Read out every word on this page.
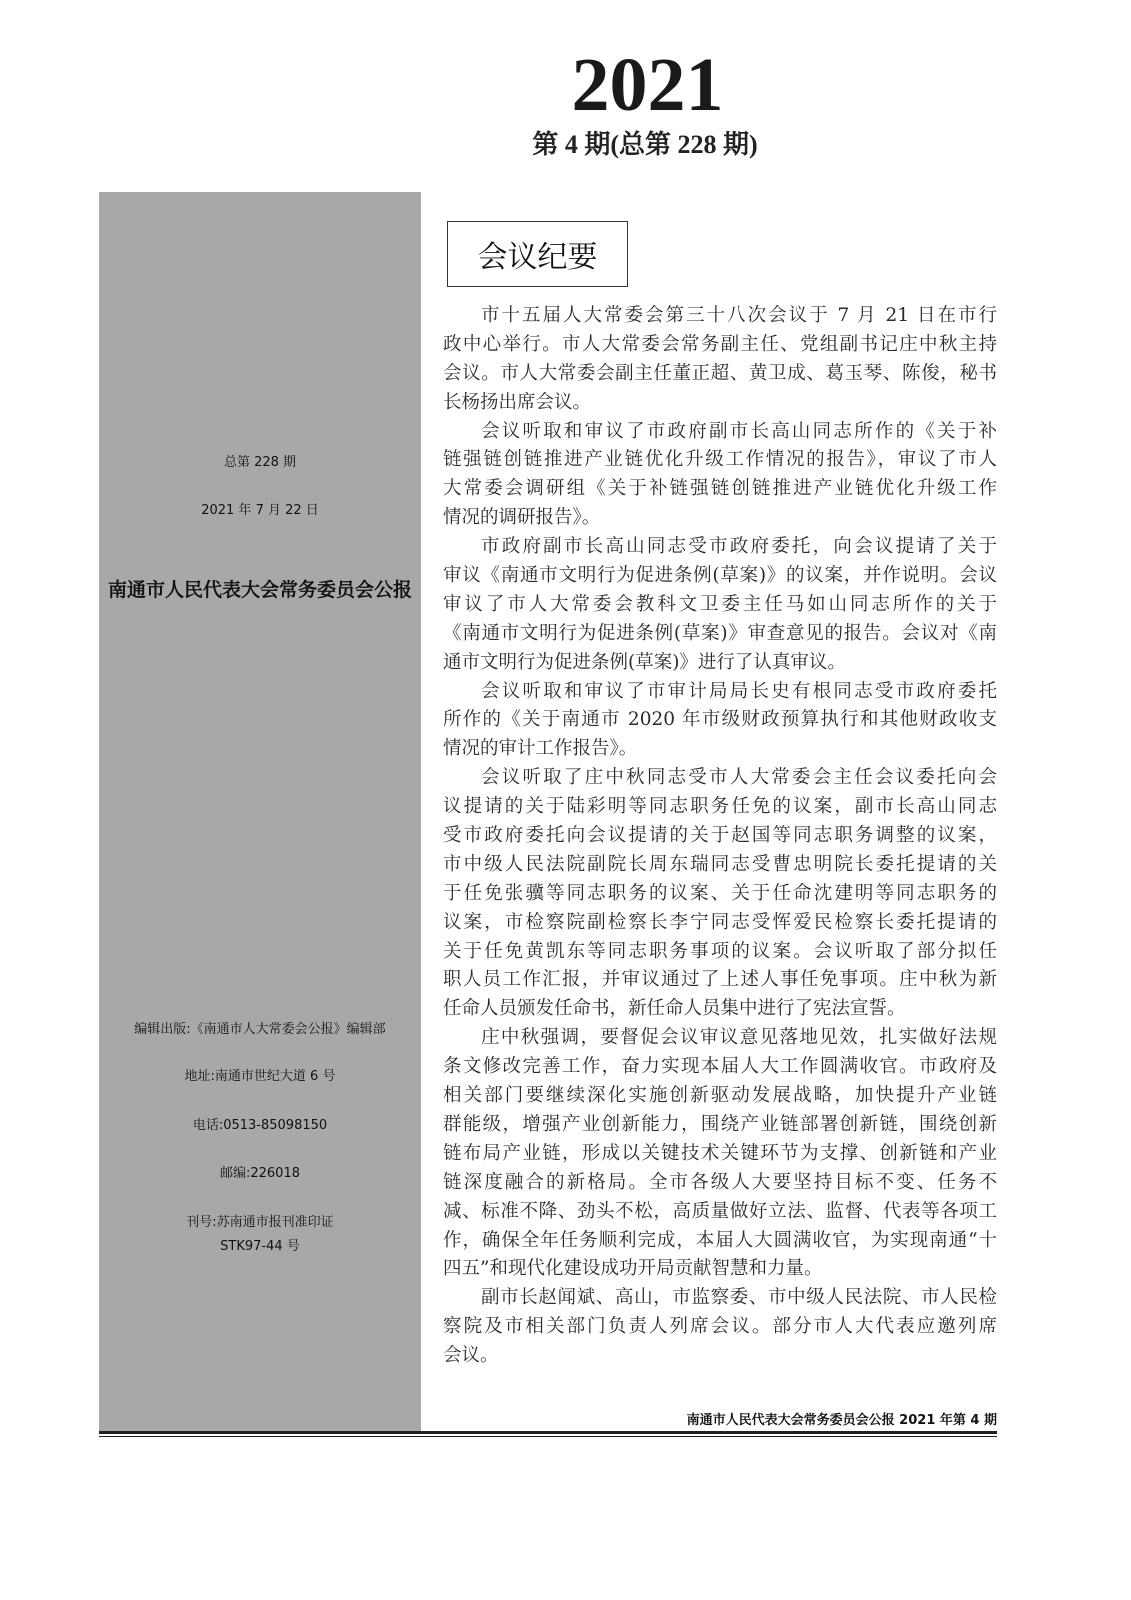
2021
第 4 期(总第 228 期)
南通市人民代表大会常务委员会公报
总第 228 期
2021 年 7 月 22 日
编辑出版:《南通市人大常委会公报》编辑部
地址:南通市世纪大道 6 号
电话:0513-85098150
邮编:226018
刊号:苏南通市报刊准印证
STK97-44 号
会议纪要
市十五届人大常委会第三十八次会议于 7 月 21 日在市行
政中心举行。市人大常委会常务副主任、党组副书记庄中秋主持
会议。市人大常委会副主任董正超、黄卫成、葛玉琴、陈俊，秘书
长杨扬出席会议。
会议听取和审议了市政府副市长高山同志所作的《关于补
链强链创链推进产业链优化升级工作情况的报告》，审议了市人
大常委会调研组《关于补链强链创链推进产业链优化升级工作
情况的调研报告》。
市政府副市长高山同志受市政府委托，向会议提请了关于
审议《南通市文明行为促进条例(草案)》的议案，并作说明。会议
审议了市人大常委会教科文卫委主任马如山同志所作的关于
《南通市文明行为促进条例(草案)》审查意见的报告。会议对《南
通市文明行为促进条例(草案)》进行了认真审议。
会议听取和审议了市审计局局长史有根同志受市政府委托
所作的《关于南通市 2020 年市级财政预算执行和其他财政收支
情况的审计工作报告》。
会议听取了庄中秋同志受市人大常委会主任会议委托向会
议提请的关于陆彩明等同志职务任免的议案，副市长高山同志
受市政府委托向会议提请的关于赵国等同志职务调整的议案，
市中级人民法院副院长周东瑞同志受曹忠明院长委托提请的关
于任免张骥等同志职务的议案、关于任命沈建明等同志职务的
议案，市检察院副检察长李宁同志受恽爱民检察长委托提请的
关于任免黄凯东等同志职务事项的议案。会议听取了部分拟任
职人员工作汇报，并审议通过了上述人事任免事项。庄中秋为新
任命人员颁发任命书，新任命人员集中进行了宪法宣誓。
庄中秋强调，要督促会议审议意见落地见效，扎实做好法规
条文修改完善工作，奋力实现本届人大工作圆满收官。市政府及
相关部门要继续深化实施创新驱动发展战略，加快提升产业链
群能级，增强产业创新能力，围绕产业链部署创新链，围绕创新
链布局产业链，形成以关键技术关键环节为支撑、创新链和产业
链深度融合的新格局。全市各级人大要坚持目标不变、任务不
减、标准不降、劲头不松，高质量做好立法、监督、代表等各项工
作，确保全年任务顺利完成，本届人大圆满收官，为实现南通“十
四五”和现代化建设成功开局贡献智慧和力量。
副市长赵闻斌、高山，市监察委、市中级人民法院、市人民检
察院及市相关部门负责人列席会议。部分市人大代表应邀列席
会议。
南通市人民代表大会常务委员会公报 2021 年第 4 期
